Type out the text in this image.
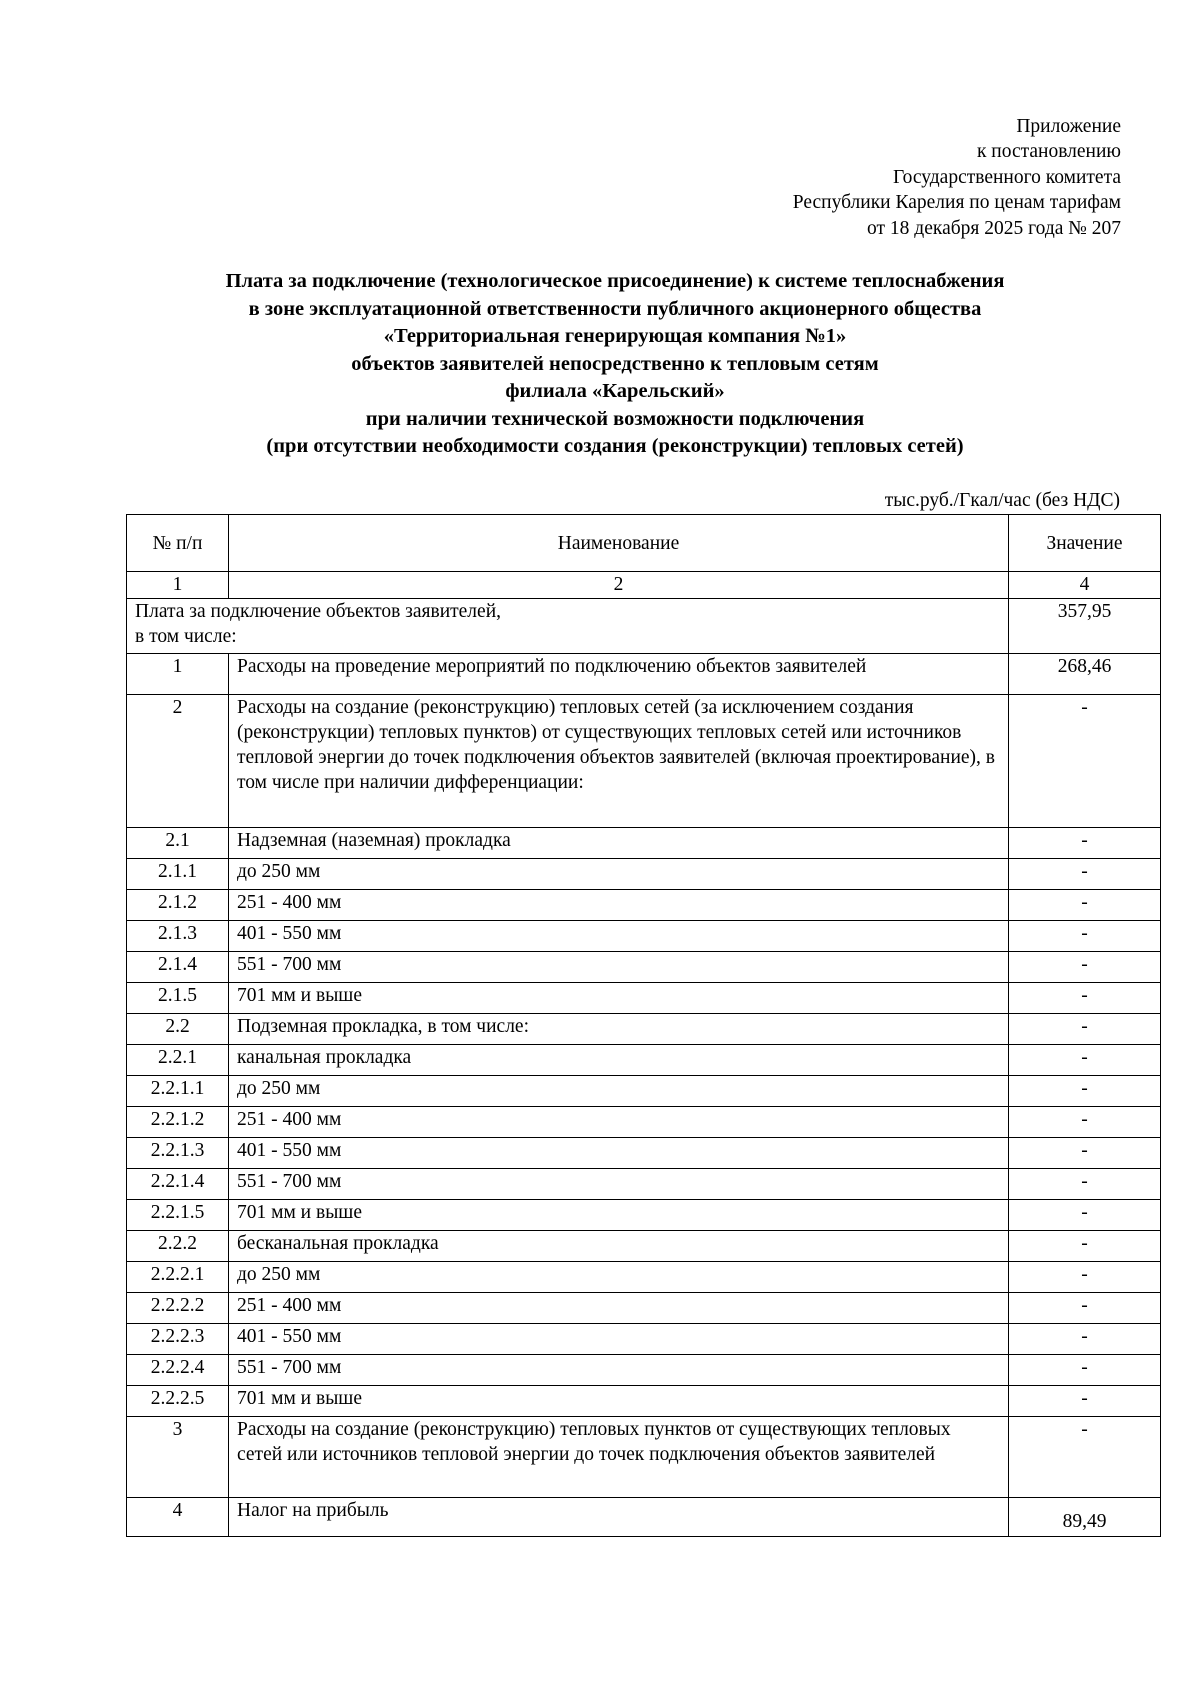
Приложение
к постановлению
Государственного комитета
Республики Карелия по ценам тарифам
от 18 декабря 2025 года № 207
Плата за подключение (технологическое присоединение) к системе теплоснабжения
в зоне эксплуатационной ответственности публичного акционерного общества
«Территориальная генерирующая компания №1»
объектов заявителей непосредственно к тепловым сетям
филиала «Карельский»
при наличии технической возможности подключения
(при отсутствии необходимости создания (реконструкции) тепловых сетей)
тыс.руб./Гкал/час (без НДС)
№ п/п	Наименование	Значение
1	2	4

Плата за подключение объектов заявителей,
в том числе:		357,95
1	Расходы на проведение мероприятий по подключению объектов заявителей	268,46
2	Расходы на создание (реконструкцию) тепловых сетей (за исключением создания (реконструкции) тепловых пунктов) от существующих тепловых сетей или источников тепловой энергии до точек подключения объектов заявителей (включая проектирование), в том числе при наличии дифференциации:	-
2.1	Надземная (наземная) прокладка	-
2.1.1	до 250 мм	-
2.1.2	251 - 400 мм	-
2.1.3	401 - 550 мм	-
2.1.4	551 - 700 мм	-
2.1.5	701 мм и выше	-
2.2	Подземная прокладка, в том числе:	-
2.2.1	канальная прокладка	-
2.2.1.1	до 250 мм	-
2.2.1.2	251 - 400 мм	-
2.2.1.3	401 - 550 мм	-
2.2.1.4	551 - 700 мм	-
2.2.1.5	701 мм и выше	-
2.2.2	бесканальная прокладка	-
2.2.2.1	до 250 мм	-
2.2.2.2	251 - 400 мм	-
2.2.2.3	401 - 550 мм	-
2.2.2.4	551 - 700 мм	-
2.2.2.5	701 мм и выше	-
3	Расходы на создание (реконструкцию) тепловых пунктов от существующих тепловых сетей или источников тепловой энергии до точек подключения объектов заявителей	-
4	Налог на прибыль	89,49
